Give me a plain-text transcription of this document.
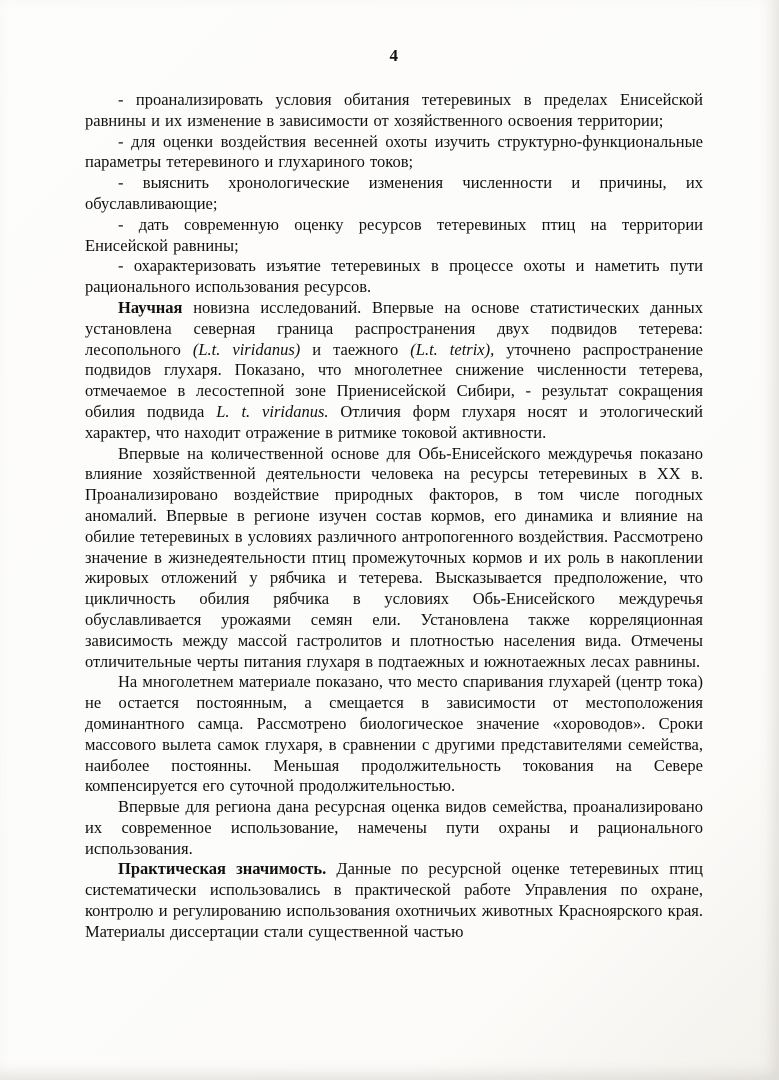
4

- проанализировать условия обитания тетеревиных в пределах Енисейской равнины и их изменение в зависимости от хозяйственного освоения территории;

- для оценки воздействия весенней охоты изучить структурно-функциональные параметры тетеревиного и глухариного токов;

- выяснить хронологические изменения численности и причины, их обуславливающие;

- дать современную оценку ресурсов тетеревиных птиц на территории Енисейской равнины;

- охарактеризовать изъятие тетеревиных в процессе охоты и наметить пути рационального использования ресурсов.

Научная новизна исследований. Впервые на основе статистических данных установлена северная граница распространения двух подвидов тетерева: лесопольного (L.t. viridanus) и таежного (L.t. tetrix), уточнено распространение подвидов глухаря. Показано, что многолетнее снижение численности тетерева, отмечаемое в лесостепной зоне Приенисейской Сибири, - результат сокращения обилия подвида L. t. viridanus. Отличия форм глухаря носят и этологический характер, что находит отражение в ритмике токовой активности.

Впервые на количественной основе для Обь-Енисейского междуречья показано влияние хозяйственной деятельности человека на ресурсы тетеревиных в XX в. Проанализировано воздействие природных факторов, в том числе погодных аномалий. Впервые в регионе изучен состав кормов, его динамика и влияние на обилие тетеревиных в условиях различного антропогенного воздействия. Рассмотрено значение в жизнедеятельности птиц промежуточных кормов и их роль в накоплении жировых отложений у рябчика и тетерева. Высказывается предположение, что цикличность обилия рябчика в условиях Обь-Енисейского междуречья обуславливается урожаями семян ели. Установлена также корреляционная зависимость между массой гастролитов и плотностью населения вида. Отмечены отличительные черты питания глухаря в подтаежных и южнотаежных лесах равнины.

На многолетнем материале показано, что место спаривания глухарей (центр тока) не остается постоянным, а смещается в зависимости от местоположения доминантного самца. Рассмотрено биологическое значение «хороводов». Сроки массового вылета самок глухаря, в сравнении с другими представителями семейства, наиболее постоянны. Меньшая продолжительность токования на Севере компенсируется его суточной продолжительностью.

Впервые для региона дана ресурсная оценка видов семейства, проанализировано их современное использование, намечены пути охраны и рационального использования.

Практическая значимость. Данные по ресурсной оценке тетеревиных птиц систематически использовались в практической работе Управления по охране, контролю и регулированию использования охотничьих животных Красноярского края. Материалы диссертации стали существенной частью
